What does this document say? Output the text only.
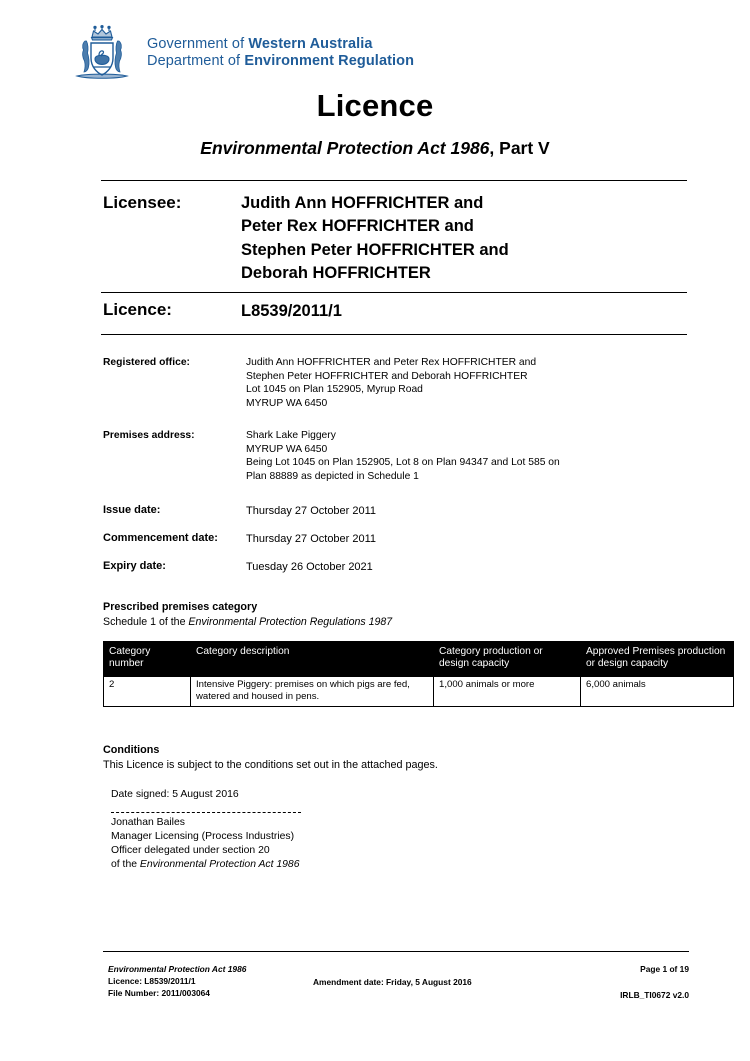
Government of Western Australia
Department of Environment Regulation
Licence
Environmental Protection Act 1986, Part V
Licensee:	Judith Ann HOFFRICHTER and
Peter Rex HOFFRICHTER and
Stephen Peter HOFFRICHTER and
Deborah HOFFRICHTER
Licence:	L8539/2011/1
Registered office:	Judith Ann HOFFRICHTER and Peter Rex HOFFRICHTER and
Stephen Peter HOFFRICHTER and Deborah HOFFRICHTER
Lot 1045 on Plan 152905, Myrup Road
MYRUP WA 6450
Premises address:	Shark Lake Piggery
MYRUP WA 6450
Being Lot 1045 on Plan 152905, Lot 8 on Plan 94347 and Lot 585 on
Plan 88889 as depicted in Schedule 1
Issue date:	Thursday 27 October 2011
Commencement date:	Thursday 27 October 2011
Expiry date:	Tuesday 26 October 2021
Prescribed premises category
Schedule 1 of the Environmental Protection Regulations 1987
Category number	Category description	Category production or design capacity	Approved Premises production or design capacity
2	Intensive Piggery: premises on which pigs are fed, watered and housed in pens.	1,000 animals or more	6,000 animals
Conditions
This Licence is subject to the conditions set out in the attached pages.
Date signed: 5 August 2016
Jonathan Bailes
Manager Licensing (Process Industries)
Officer delegated under section 20
of the Environmental Protection Act 1986
Environmental Protection Act 1986
Licence: L8539/2011/1
File Number: 2011/003064
Amendment date: Friday, 5 August 2016
Page 1 of 19
IRLB_TI0672 v2.0
